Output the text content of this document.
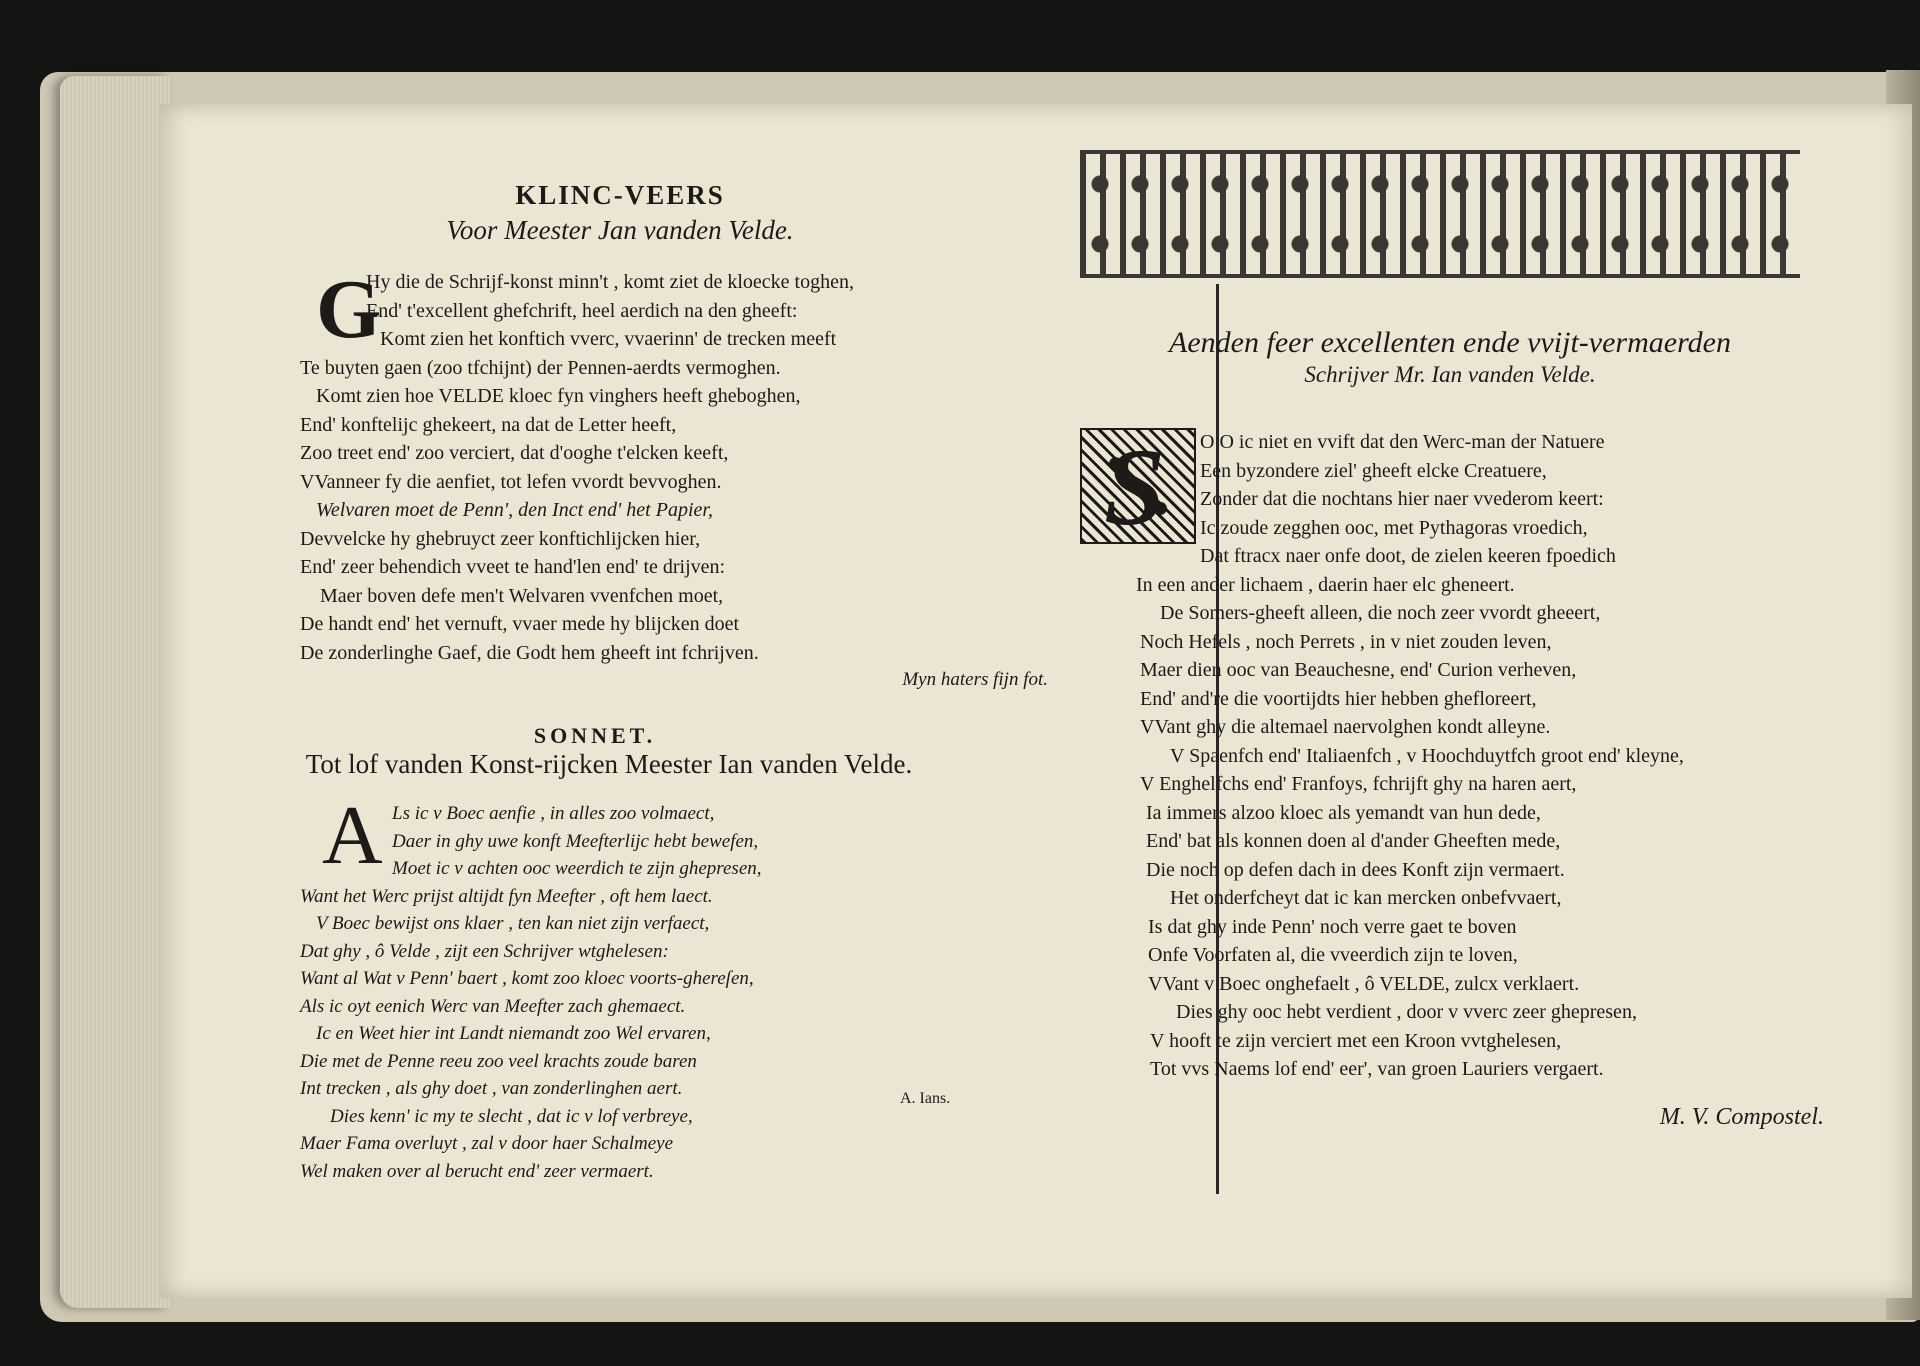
KLINC-VEERS
Voor Meester Jan vanden Velde.
G
Hy die de Schrijf-konst minn't , komt ziet de kloecke toghen,
End' t'excellent ghefchrift, heel aerdich na den gheeft:
Komt zien het konftich vverc, vvaerinn' de trecken meeft
Te buyten gaen (zoo tfchijnt) der Pennen-aerdts vermoghen.
Komt zien hoe VELDE kloec fyn vinghers heeft gheboghen,
End' konftelijc ghekeert, na dat de Letter heeft,
Zoo treet end' zoo verciert, dat d'ooghe t'elcken keeft,
VVanneer fy die aenfiet, tot lefen vvordt bevvoghen.
Welvaren moet de Penn', den Inct end' het Papier,
Devvelcke hy ghebruyct zeer konftichlijcken hier,
End' zeer behendich vveet te hand'len end' te drijven:
Maer boven defe men't Welvaren vvenfchen moet,
De handt end' het vernuft, vvaer mede hy blijcken doet
De zonderlinghe Gaef, die Godt hem gheeft int fchrijven.
Myn haters fijn fot.
SONNET.
Tot lof vanden Konst-rijcken Meester Ian vanden Velde.
A Ls ic v Boec aenfie , in alles zoo volmaect,
Daer in ghy uwe konft Meefterlijc hebt bewefen,
Moet ic v achten ooc weerdich te zijn ghepresen,
Want het Werc prijst altijdt fyn Meefter , oft hem laect.
V Boec bewijst ons klaer , ten kan niet zijn verfaect,
Dat ghy , ô Velde , zijt een Schrijver wtghelesen:
Want al Wat v Penn' baert , komt zoo kloec voorts-ghereſen,
Als ic oyt eenich Werc van Meefter zach ghemaect.
Ic en Weet hier int Landt niemandt zoo Wel ervaren,
Die met de Penne reeu zoo veel krachts zoude baren
Int trecken , als ghy doet , van zonderlinghen aert.
Dies kenn' ic my te slecht , dat ic v lof verbreye,
Maer Fama overluyt , zal v door haer Schalmeye
Wel maken over al berucht end' zeer vermaert.
A. Ians.
Aenden feer excellenten ende vvijt-vermaerden
Schrijver Mr. Ian vanden Velde.
S	O O ic niet en vvift dat den Werc-man der Natuere
Een byzondere ziel' gheeft elcke Creatuere,
Zonder dat die nochtans hier naer vvederom keert:
Ic zoude zegghen ooc, met Pythagoras vroedich,
Dat ftracx naer onfe doot, de zielen keeren fpoedich
In een ander lichaem , daerin haer elc gheneert.
De Somers-gheeft alleen, die noch zeer vvordt gheeert,
Noch Hefels , noch Perrets , in v niet zouden leven,
Maer dien ooc van Beauchesne, end' Curion verheven,
End' and're die voortijdts hier hebben ghefloreert,
VVant ghy die altemael naervolghen kondt alleyne.
V Spaenfch end' Italiaenfch , v Hoochduytfch groot end' kleyne,
V Enghelfchs end' Franfoys, fchrijft ghy na haren aert,
Ia immers alzoo kloec als yemandt van hun dede,
End' bat als konnen doen al d'ander Gheeften mede,
Die noch op defen dach in dees Konft zijn vermaert.
Het onderfcheyt dat ic kan mercken onbefvvaert,
Is dat ghy inde Penn' noch verre gaet te boven
Onfe Voorfaten al, die vveerdich zijn te loven,
VVant v Boec onghefaelt , ô VELDE, zulcx verklaert.
Dies ghy ooc hebt verdient , door v vverc zeer ghepresen,
V hooft te zijn verciert met een Kroon vvtghelesen,
Tot vvs Naems lof end' eer', van groen Lauriers vergaert.
M. V. Compostel.
